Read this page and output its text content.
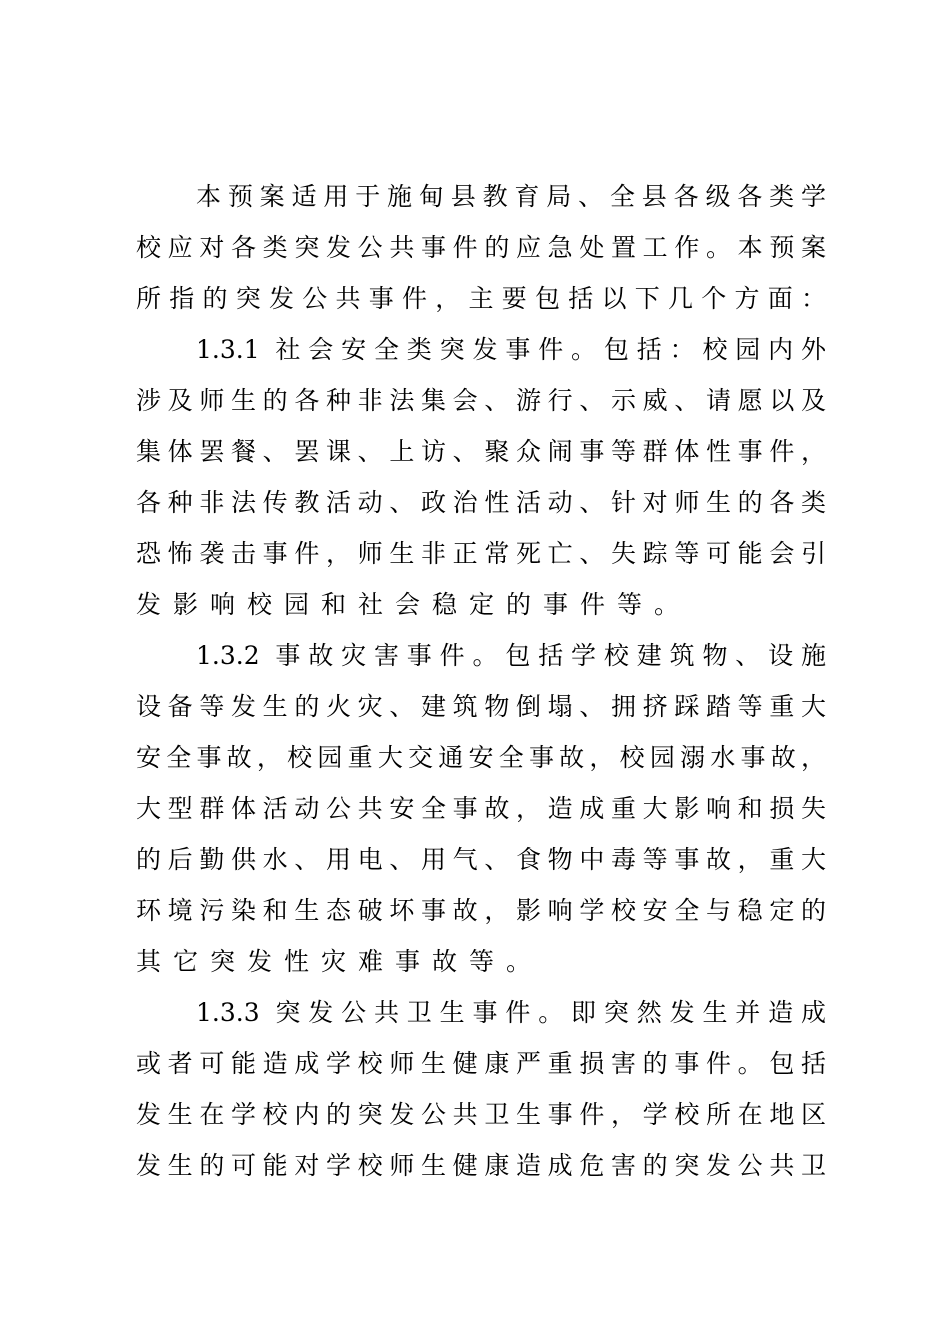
本预案适用于施甸县教育局、全县各级各类学
校应对各类突发公共事件的应急处置工作。本预案
所指的突发公共事件，主要包括以下几个方面：
1.3.1 社会安全类突发事件。包括：校园内外
涉及师生的各种非法集会、游行、示威、请愿以及
集体罢餐、罢课、上访、聚众闹事等群体性事件，
各种非法传教活动、政治性活动、针对师生的各类
恐怖袭击事件，师生非正常死亡、失踪等可能会引
发影响校园和社会稳定的事件等。
1.3.2 事故灾害事件。包括学校建筑物、设施
设备等发生的火灾、建筑物倒塌、拥挤踩踏等重大
安全事故，校园重大交通安全事故，校园溺水事故，
大型群体活动公共安全事故，造成重大影响和损失
的后勤供水、用电、用气、食物中毒等事故，重大
环境污染和生态破坏事故，影响学校安全与稳定的
其它突发性灾难事故等。
1.3.3 突发公共卫生事件。即突然发生并造成
或者可能造成学校师生健康严重损害的事件。包括
发生在学校内的突发公共卫生事件，学校所在地区
发生的可能对学校师生健康造成危害的突发公共卫
